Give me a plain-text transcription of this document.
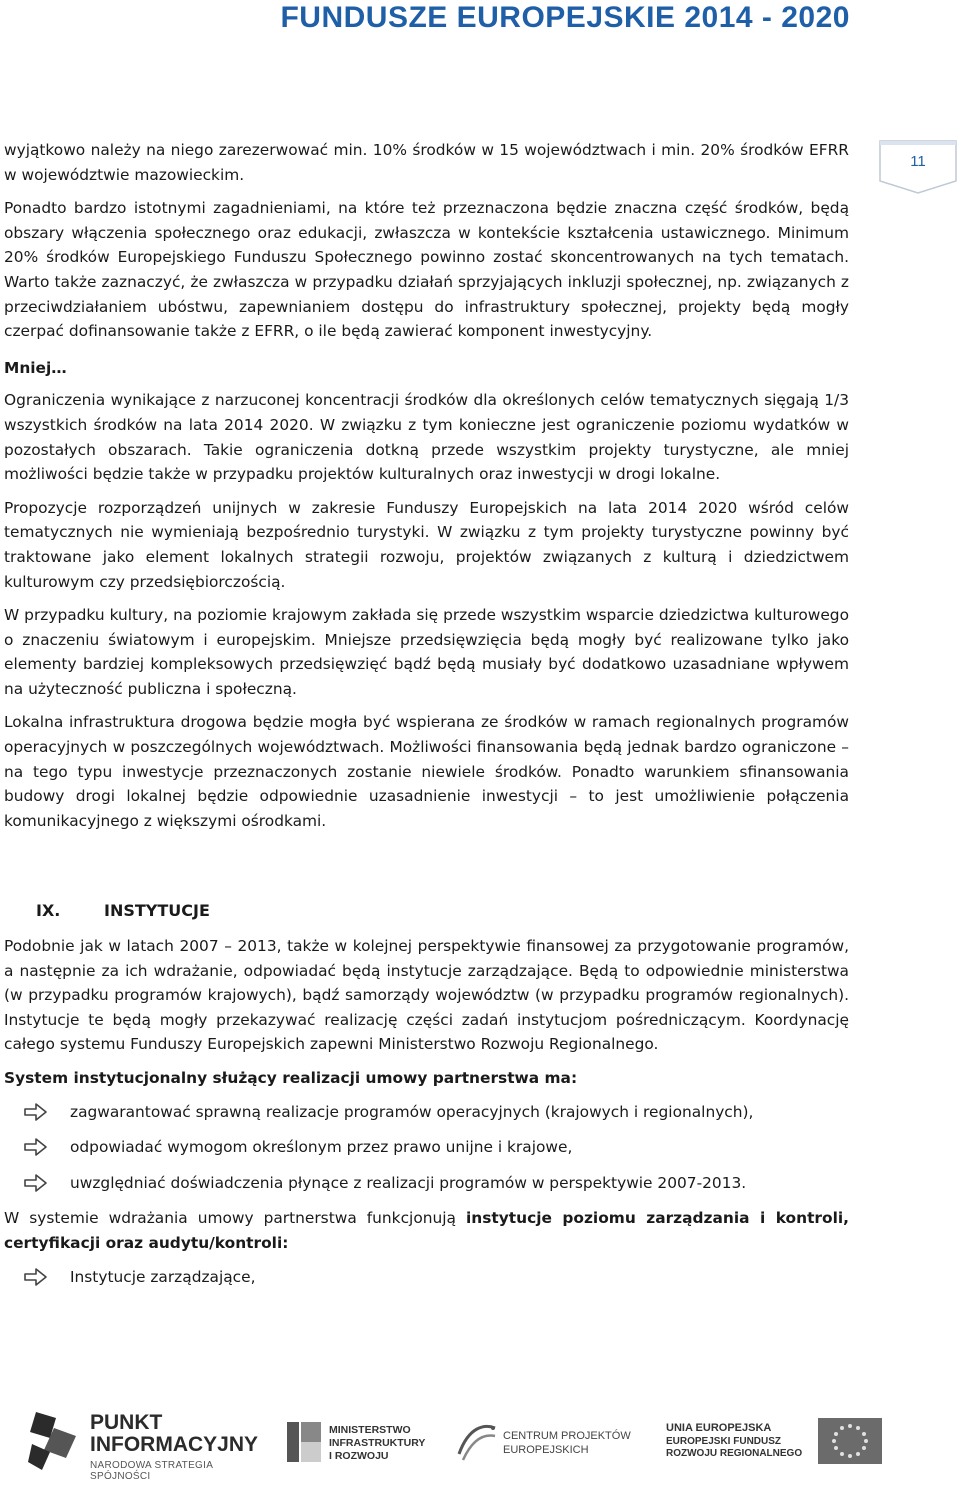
FUNDUSZE EUROPEJSKIE 2014 - 2020
11

wyjątkowo należy na niego zarezerwować min. 10% środków w 15 województwach i min. 20% środków EFRR w województwie mazowieckim.

Ponadto bardzo istotnymi zagadnieniami, na które też przeznaczona będzie znaczna część środków, będą obszary włączenia społecznego oraz edukacji, zwłaszcza w kontekście kształcenia ustawicznego. Minimum 20% środków Europejskiego Funduszu Społecznego powinno zostać skoncentrowanych na tych tematach. Warto także zaznaczyć, że zwłaszcza w przypadku działań sprzyjających inkluzji społecznej, np. związanych z przeciwdziałaniem ubóstwu, zapewnianiem dostępu do infrastruktury społecznej, projekty będą mogły czerpać dofinansowanie także z EFRR, o ile będą zawierać komponent inwestycyjny.

Mniej…

Ograniczenia wynikające z narzuconej koncentracji środków dla określonych celów tematycznych sięgają 1/3 wszystkich środków na lata 2014 2020. W związku z tym konieczne jest ograniczenie poziomu wydatków w pozostałych obszarach. Takie ograniczenia dotkną przede wszystkim projekty turystyczne, ale mniej możliwości będzie także w przypadku projektów kulturalnych oraz inwestycji w drogi lokalne.

Propozycje rozporządzeń unijnych w zakresie Funduszy Europejskich na lata 2014 2020 wśród celów tematycznych nie wymieniają bezpośrednio turystyki. W związku z tym projekty turystyczne powinny być traktowane jako element lokalnych strategii rozwoju, projektów związanych z kulturą i dziedzictwem kulturowym czy przedsiębiorczością.

W przypadku kultury, na poziomie krajowym zakłada się przede wszystkim wsparcie dziedzictwa kulturowego o znaczeniu światowym i europejskim. Mniejsze przedsięwzięcia będą mogły być realizowane tylko jako elementy bardziej kompleksowych przedsięwzięć bądź będą musiały być dodatkowo uzasadniane wpływem na użyteczność publiczna i społeczną.

Lokalna infrastruktura drogowa będzie mogła być wspierana ze środków w ramach regionalnych programów operacyjnych w poszczególnych województwach. Możliwości finansowania będą jednak bardzo ograniczone – na tego typu inwestycje przeznaczonych zostanie niewiele środków. Ponadto warunkiem sfinansowania budowy drogi lokalnej będzie odpowiednie uzasadnienie inwestycji – to jest umożliwienie połączenia komunikacyjnego z większymi ośrodkami.

IX.	INSTYTUCJE

Podobnie jak w latach 2007 – 2013, także w kolejnej perspektywie finansowej za przygotowanie programów, a następnie za ich wdrażanie, odpowiadać będą instytucje zarządzające. Będą to odpowiednie ministerstwa (w przypadku programów krajowych), bądź samorządy województw (w przypadku programów regionalnych). Instytucje te będą mogły przekazywać realizację części zadań instytucjom pośredniczącym. Koordynację całego systemu Funduszy Europejskich zapewni Ministerstwo Rozwoju Regionalnego.

System instytucjonalny służący realizacji umowy partnerstwa ma:

zagwarantować sprawną realizacje programów operacyjnych (krajowych i regionalnych),
odpowiadać wymogom określonym przez prawo unijne i krajowe,
uwzględniać doświadczenia płynące z realizacji programów w perspektywie 2007-2013.

W systemie wdrażania umowy partnerstwa funkcjonują instytucje poziomu zarządzania i kontroli, certyfikacji oraz audytu/kontroli:

Instytucje zarządzające,
PUNKT
INFORMACYJNY
NARODOWA STRATEGIA SPÓJNOŚCI
MINISTERSTWO
INFRASTRUKTURY
I ROZWOJU
CENTRUM PROJEKTÓW
EUROPEJSKICH
UNIA EUROPEJSKA
EUROPEJSKI FUNDUSZ
ROZWOJU REGIONALNEGO
